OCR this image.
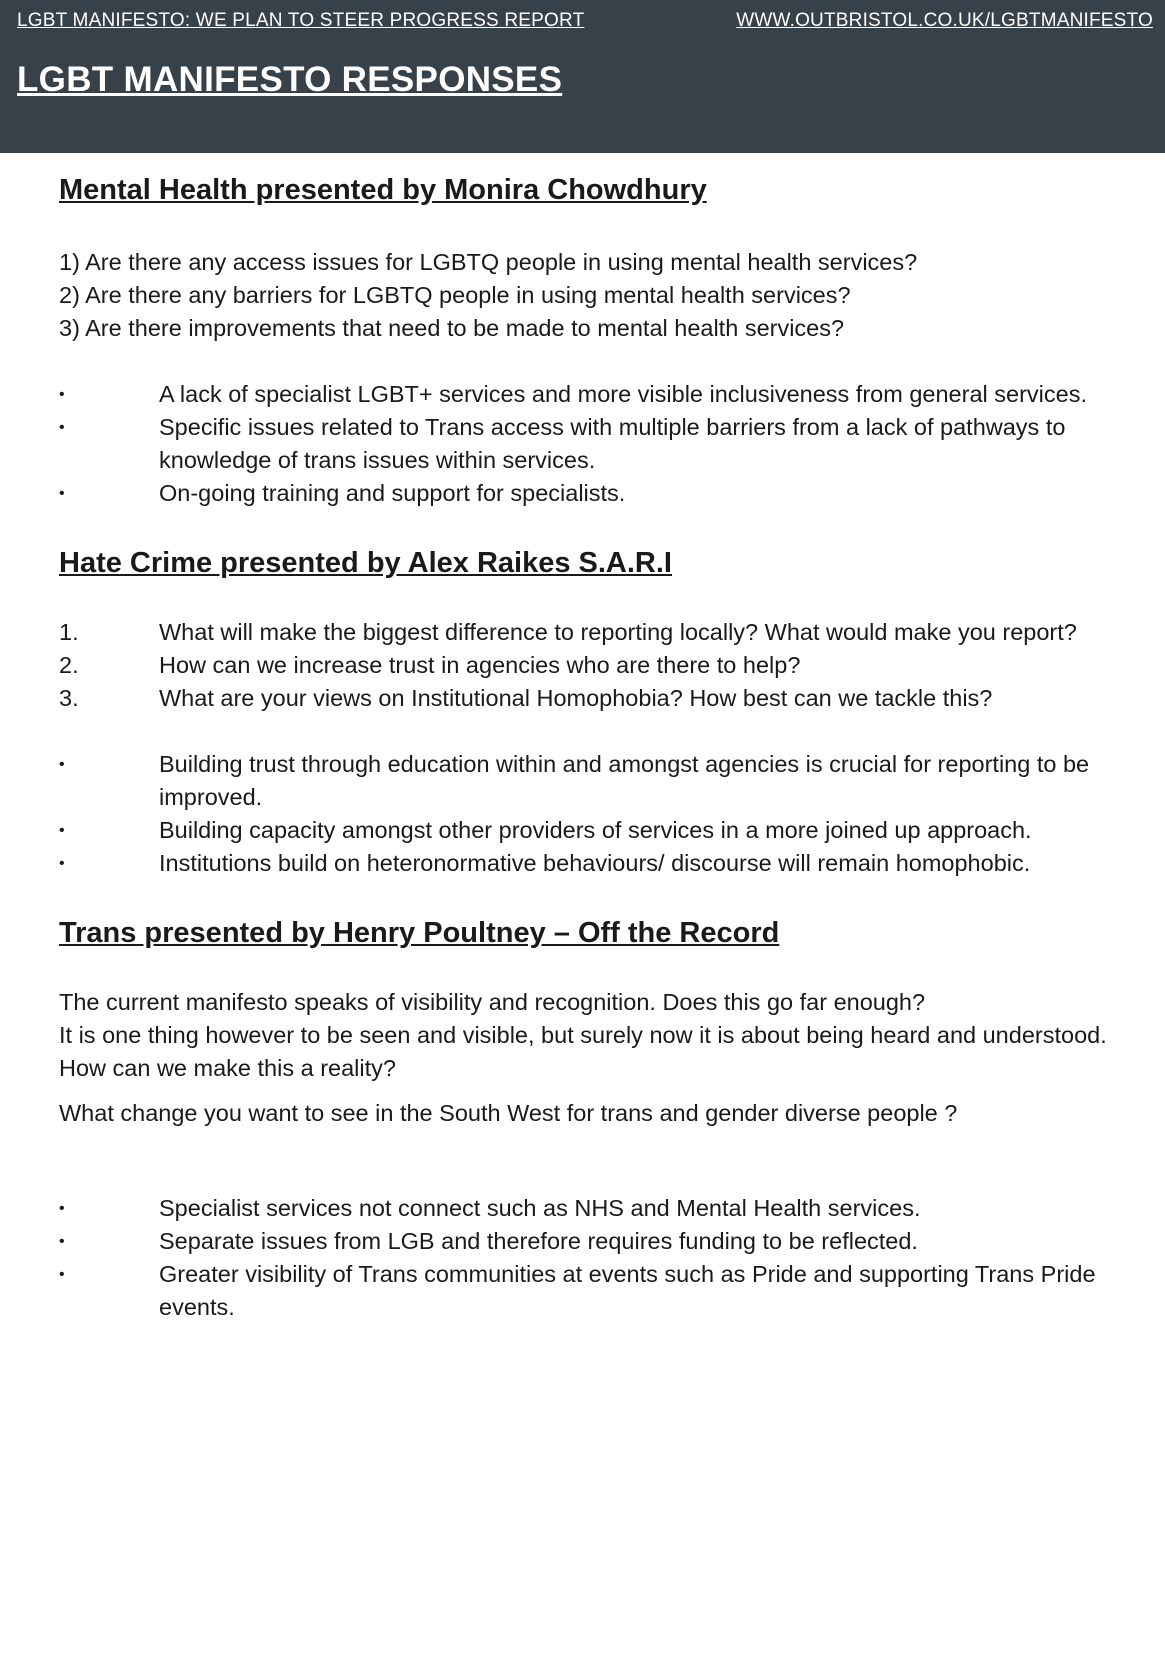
LGBT MANIFESTO: WE PLAN TO STEER PROGRESS REPORT	WWW.OUTBRISTOL.CO.UK/LGBTMANIFESTO
LGBT MANIFESTO RESPONSES

Mental Health presented by Monira Chowdhury

1) Are there any access issues for LGBTQ people in using mental health services?

2) Are there any barriers for LGBTQ people in using mental health services?

3) Are there improvements that need to be made to mental health services?

•	A lack of specialist LGBT+ services and more visible inclusiveness from general services.
•	Specific issues related to Trans access with multiple barriers from a lack of pathways to knowledge of trans issues within services.
•	On-going training and support for specialists.

Hate Crime presented by Alex Raikes S.A.R.I

1.	What will make the biggest difference to reporting locally? What would make you report?
2.	How can we increase trust in agencies who are there to help?
3.	What are your views on Institutional Homophobia? How best can we tackle this?
•	Building trust through education within and amongst agencies is crucial for reporting to be improved.
•	Building capacity amongst other providers of services in a more joined up approach.
•	Institutions build on heteronormative behaviours/ discourse will remain homophobic.

Trans presented by Henry Poultney – Off the Record

The current manifesto speaks of visibility and recognition. Does this go far enough?

It is one thing however to be seen and visible, but surely now it is about being heard and understood. How can we make this a reality?

What change you want to see in the South West for trans and gender diverse people ?

•	Specialist services not connect such as NHS and Mental Health services.
•	Separate issues from LGB and therefore requires funding to be reflected.
•	Greater visibility of Trans communities at events such as Pride and supporting Trans Pride events.
